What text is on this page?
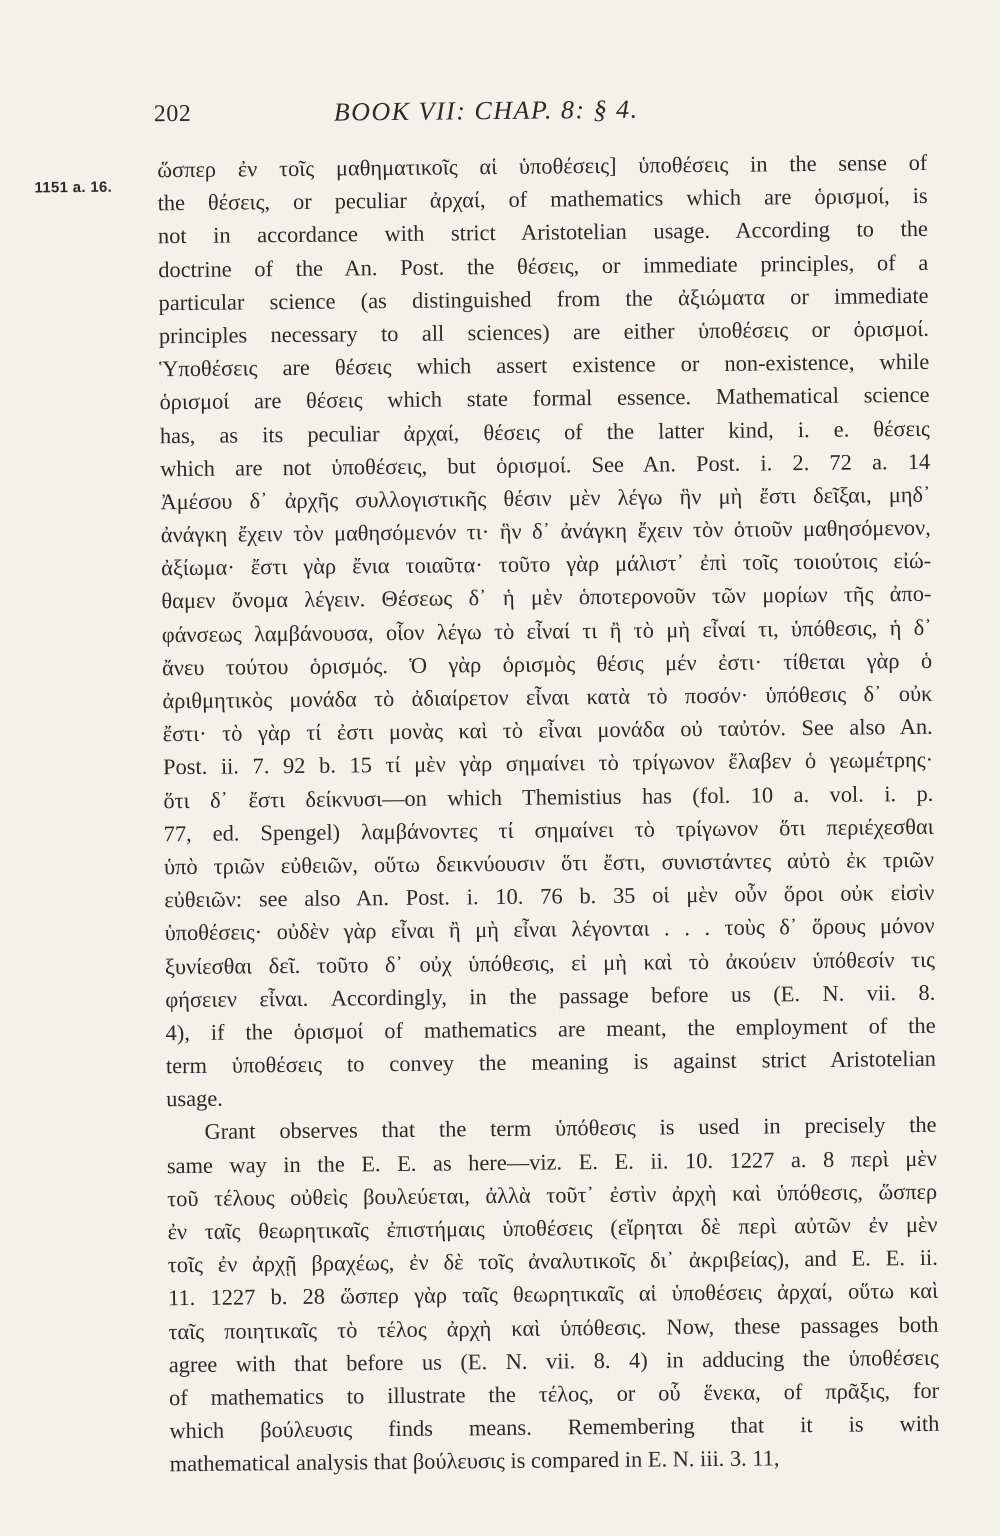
202	BOOK VII: CHAP. 8: § 4.
1151 a. 16.
ὥσπερ ἐν τοῖς μαθηματικοῖς αἱ ὑποθέσεις] ὑποθέσεις in the sense of
the θέσεις, or peculiar ἀρχαί, of mathematics which are ὁρισμοί, is
not in accordance with strict Aristotelian usage. According to the
doctrine of the An. Post. the θέσεις, or immediate principles, of a
particular science (as distinguished from the ἀξιώματα or immediate
principles necessary to all sciences) are either ὑποθέσεις or ὁρισμοί.
Ὑποθέσεις are θέσεις which assert existence or non-existence, while
ὁρισμοί are θέσεις which state formal essence. Mathematical science
has, as its peculiar ἀρχαί, θέσεις of the latter kind, i. e. θέσεις
which are not ὑποθέσεις, but ὁρισμοί. See An. Post. i. 2. 72 a. 14
Ἀμέσου δ᾽ ἀρχῆς συλλογιστικῆς θέσιν μὲν λέγω ἣν μὴ ἔστι δεῖξαι, μηδ᾽
ἀνάγκη ἔχειν τὸν μαθησόμενόν τι· ἣν δ᾽ ἀνάγκη ἔχειν τὸν ὁτιοῦν μαθησόμενον,
ἀξίωμα· ἔστι γὰρ ἔνια τοιαῦτα· τοῦτο γὰρ μάλιστ᾽ ἐπὶ τοῖς τοιούτοις εἰώ-
θαμεν ὄνομα λέγειν. Θέσεως δ᾽ ἡ μὲν ὁποτερονοῦν τῶν μορίων τῆς ἀπο-
φάνσεως λαμβάνουσα, οἷον λέγω τὸ εἶναί τι ἢ τὸ μὴ εἶναί τι, ὑπόθεσις, ἡ δ᾽
ἄνευ τούτου ὁρισμός. Ὁ γὰρ ὁρισμὸς θέσις μέν ἐστι· τίθεται γὰρ ὁ
ἀριθμητικὸς μονάδα τὸ ἀδιαίρετον εἶναι κατὰ τὸ ποσόν· ὑπόθεσις δ᾽ οὐκ
ἔστι· τὸ γὰρ τί ἐστι μονὰς καὶ τὸ εἶναι μονάδα οὐ ταὐτόν. See also An.
Post. ii. 7. 92 b. 15 τί μὲν γὰρ σημαίνει τὸ τρίγωνον ἔλαβεν ὁ γεωμέτρης·
ὅτι δ᾽ ἔστι δείκνυσι—on which Themistius has (fol. 10 a. vol. i. p.
77, ed. Spengel) λαμβάνοντες τί σημαίνει τὸ τρίγωνον ὅτι περιέχεσθαι
ὑπὸ τριῶν εὐθειῶν, οὕτω δεικνύουσιν ὅτι ἔστι, συνιστάντες αὐτὸ ἐκ τριῶν
εὐθειῶν: see also An. Post. i. 10. 76 b. 35 οἱ μὲν οὖν ὅροι οὐκ εἰσὶν
ὑποθέσεις· οὐδὲν γὰρ εἶναι ἢ μὴ εἶναι λέγονται . . . τοὺς δ᾽ ὅρους μόνον
ξυνίεσθαι δεῖ. τοῦτο δ᾽ οὐχ ὑπόθεσις, εἰ μὴ καὶ τὸ ἀκούειν ὑπόθεσίν τις
φήσειεν εἶναι. Accordingly, in the passage before us (E. N. vii. 8.
4), if the ὁρισμοί of mathematics are meant, the employment of the
term ὑποθέσεις to convey the meaning is against strict Aristotelian
usage.
Grant observes that the term ὑπόθεσις is used in precisely the
same way in the E. E. as here—viz. E. E. ii. 10. 1227 a. 8 περὶ μὲν
τοῦ τέλους οὐθεὶς βουλεύεται, ἀλλὰ τοῦτ᾽ ἐστὶν ἀρχὴ καὶ ὑπόθεσις, ὥσπερ
ἐν ταῖς θεωρητικαῖς ἐπιστήμαις ὑποθέσεις (εἴρηται δὲ περὶ αὐτῶν ἐν μὲν
τοῖς ἐν ἀρχῇ βραχέως, ἐν δὲ τοῖς ἀναλυτικοῖς δι᾽ ἀκριβείας), and E. E. ii.
11. 1227 b. 28 ὥσπερ γὰρ ταῖς θεωρητικαῖς αἱ ὑποθέσεις ἀρχαί, οὕτω καὶ
ταῖς ποιητικαῖς τὸ τέλος ἀρχὴ καὶ ὑπόθεσις. Now, these passages both
agree with that before us (E. N. vii. 8. 4) in adducing the ὑποθέσεις
of mathematics to illustrate the τέλος, or οὗ ἕνεκα, of πρᾶξις, for
which βούλευσις finds means. Remembering that it is with
mathematical analysis that βούλευσις is compared in E. N. iii. 3. 11,
